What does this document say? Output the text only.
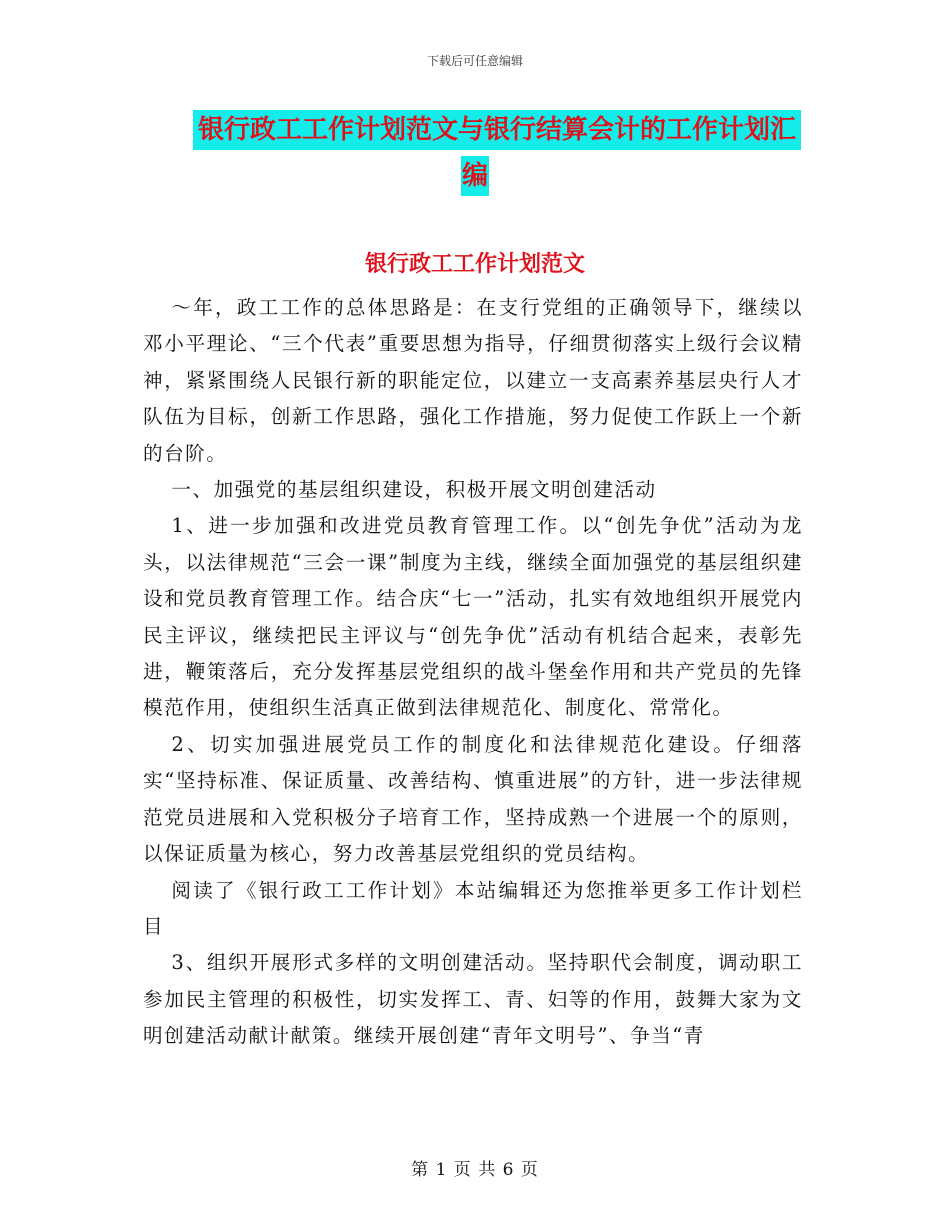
下载后可任意编辑
银行政工工作计划范文与银行结算会计的工作计划汇
编
银行政工工作计划范文

～年，政工工作的总体思路是：在支行党组的正确领导下，继续以邓小平理论、“三个代表”重要思想为指导，仔细贯彻落实上级行会议精神，紧紧围绕人民银行新的职能定位，以建立一支高素养基层央行人才队伍为目标，创新工作思路，强化工作措施，努力促使工作跃上一个新的台阶。

一、加强党的基层组织建设，积极开展文明创建活动

1、进一步加强和改进党员教育管理工作。以“创先争优”活动为龙头，以法律规范“三会一课”制度为主线，继续全面加强党的基层组织建设和党员教育管理工作。结合庆“七一”活动，扎实有效地组织开展党内民主评议，继续把民主评议与“创先争优”活动有机结合起来，表彰先进，鞭策落后，充分发挥基层党组织的战斗堡垒作用和共产党员的先锋模范作用，使组织生活真正做到法律规范化、制度化、常常化。

2、切实加强进展党员工作的制度化和法律规范化建设。仔细落实“坚持标准、保证质量、改善结构、慎重进展”的方针，进一步法律规范党员进展和入党积极分子培育工作，坚持成熟一个进展一个的原则，以保证质量为核心，努力改善基层党组织的党员结构。

阅读了《银行政工工作计划》本站编辑还为您推举更多工作计划栏目

3、组织开展形式多样的文明创建活动。坚持职代会制度，调动职工参加民主管理的积极性，切实发挥工、青、妇等的作用，鼓舞大家为文明创建活动献计献策。继续开展创建“青年文明号”、争当“青

第 1 页 共 6 页
